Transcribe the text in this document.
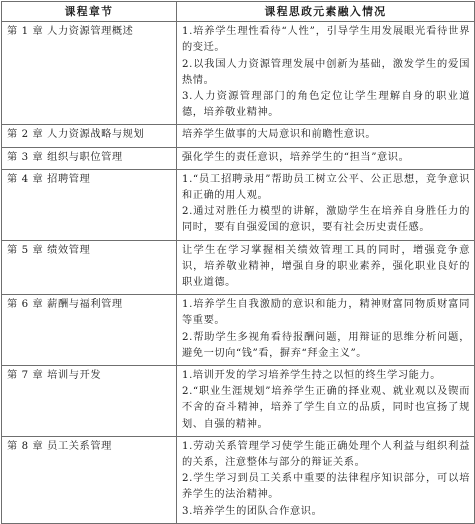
课程章节	课程思政元素融入情况
第 1 章 人力资源管理概述	1.培养学生理性看待“人性”，引导学生用发展眼光看待世界的变迁。
2.以我国人力资源管理发展中创新为基础，激发学生的爱国热情。
3.人力资源管理部门的角色定位让学生理解自身的职业道德，培养敬业精神。

第 2 章 人力资源战略与规划	培养学生做事的大局意识和前瞻性意识。

第 3 章 组织与职位管理	强化学生的责任意识，培养学生的“担当”意识。

第 4 章 招聘管理	1.“员工招聘录用”帮助员工树立公平、公正思想，竞争意识和正确的用人观。
2.通过对胜任力模型的讲解，激励学生在培养自身胜任力的同时，要有自强爱国的意识，要有社会历史责任感。

第 5 章 绩效管理	让学生在学习掌握相关绩效管理工具的同时，增强竞争意识，培养敬业精神，增强自身的职业素养，强化职业良好的职业道德。

第 6 章 薪酬与福利管理	1.培养学生自我激励的意识和能力，精神财富同物质财富同等重要。
2.帮助学生多视角看待报酬问题，用辩证的思维分析问题，避免一切向“钱”看，摒弃“拜金主义”。

第 7 章 培训与开发	1.培训开发的学习培养学生持之以恒的终生学习能力。
2.“职业生涯规划”培养学生正确的择业观、就业观以及锲而不舍的奋斗精神，培养了学生自立的品质，同时也宣扬了规划、自强的精神。

第 8 章 员工关系管理	1.劳动关系管理学习使学生能正确处理个人利益与组织利益的关系，注意整体与部分的辩证关系。
2.学生学习到员工关系中重要的法律程序知识部分，可以培养学生的法治精神。
3.培养学生的团队合作意识。
